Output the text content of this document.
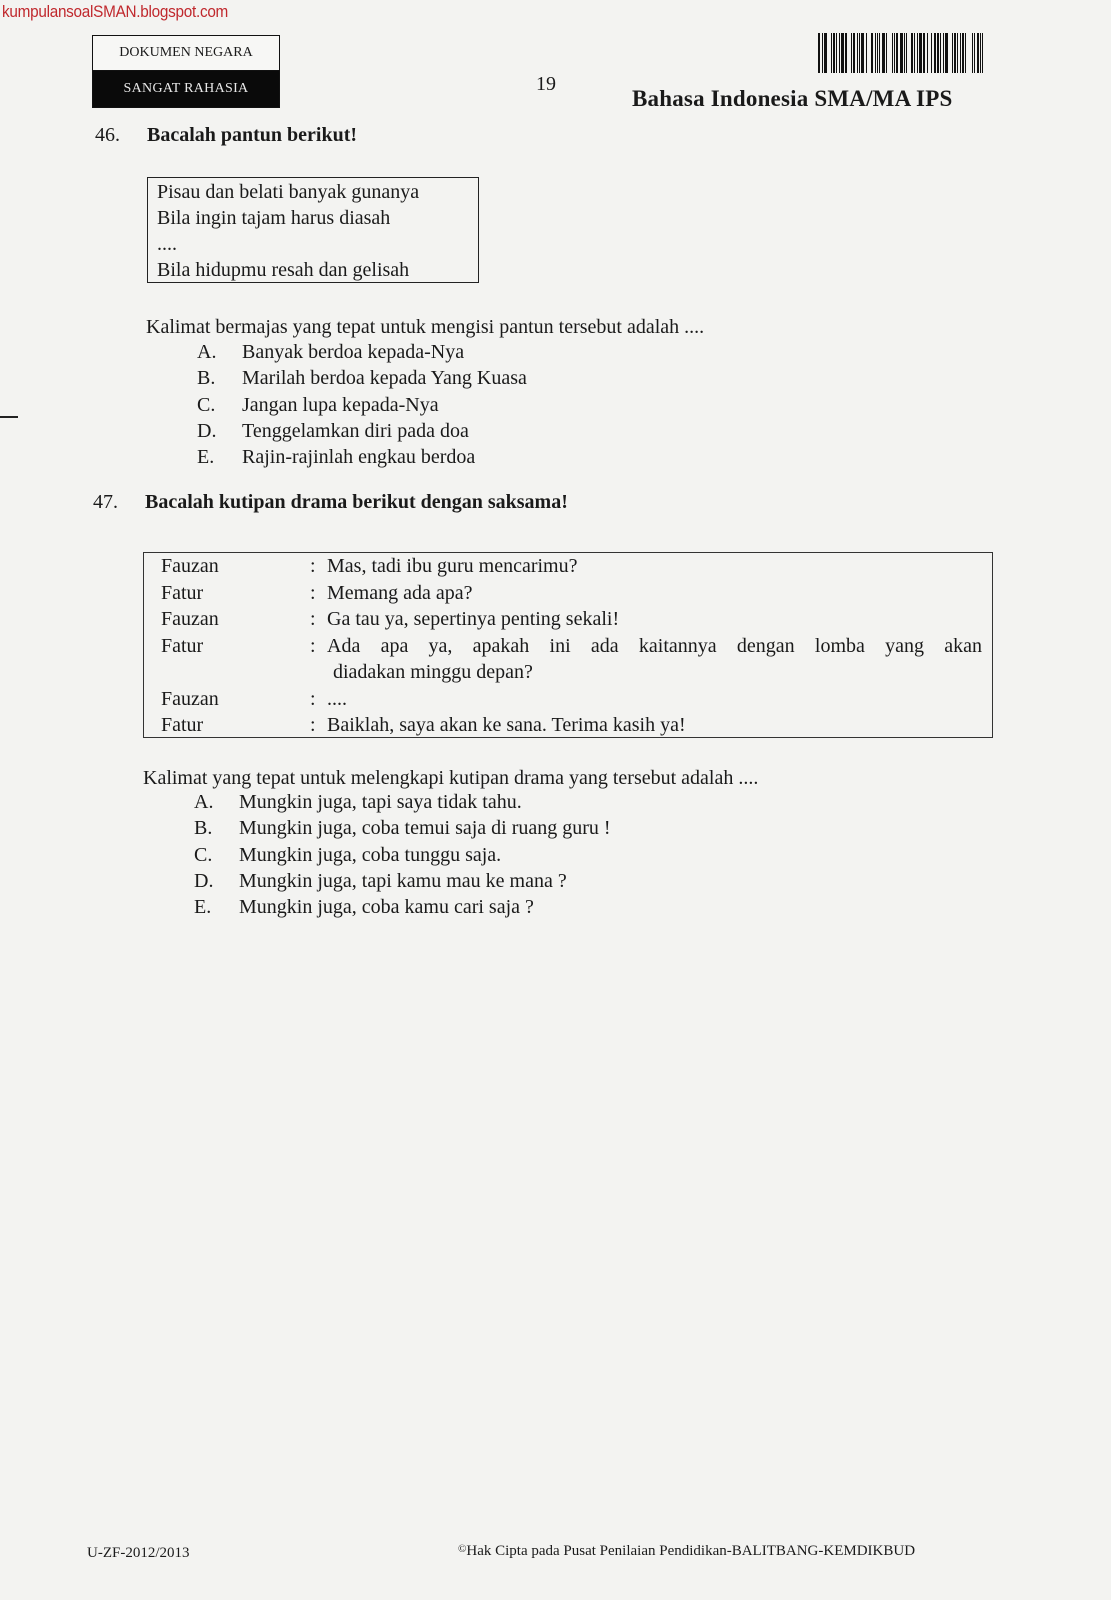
kumpulansoalSMAN.blogspot.com
DOKUMEN NEGARA
SANGAT RAHASIA	19
Bahasa Indonesia SMA/MA IPS
46. Bacalah pantun berikut!
Pisau dan belati banyak gunanya
Bila ingin tajam harus diasah
....
Bila hidupmu resah dan gelisah
Kalimat bermajas yang tepat untuk mengisi pantun tersebut adalah ....
A.	Banyak berdoa kepada-Nya
B.	Marilah berdoa kepada Yang Kuasa
C.	Jangan lupa kepada-Nya
D.	Tenggelamkan diri pada doa
E.	Rajin-rajinlah engkau berdoa
47. Bacalah kutipan drama berikut dengan saksama!
Fauzan	: Mas, tadi ibu guru mencarimu?
Fatur	: Memang ada apa?
Fauzan	: Ga tau ya, sepertinya penting sekali!
Fatur	: Ada apa ya, apakah ini ada kaitannya dengan lomba yang akan
diadakan minggu depan?
Fauzan	: ....
Fatur	: Baiklah, saya akan ke sana. Terima kasih ya!
Kalimat yang tepat untuk melengkapi kutipan drama yang tersebut adalah ....
A.	Mungkin juga, tapi saya tidak tahu.
B.	Mungkin juga, coba temui saja di ruang guru !
C.	Mungkin juga, coba tunggu saja.
D.	Mungkin juga, tapi kamu mau ke mana ?
E.	Mungkin juga, coba kamu cari saja ?
U-ZF-2012/2013	©Hak Cipta pada Pusat Penilaian Pendidikan-BALITBANG-KEMDIKBUD
